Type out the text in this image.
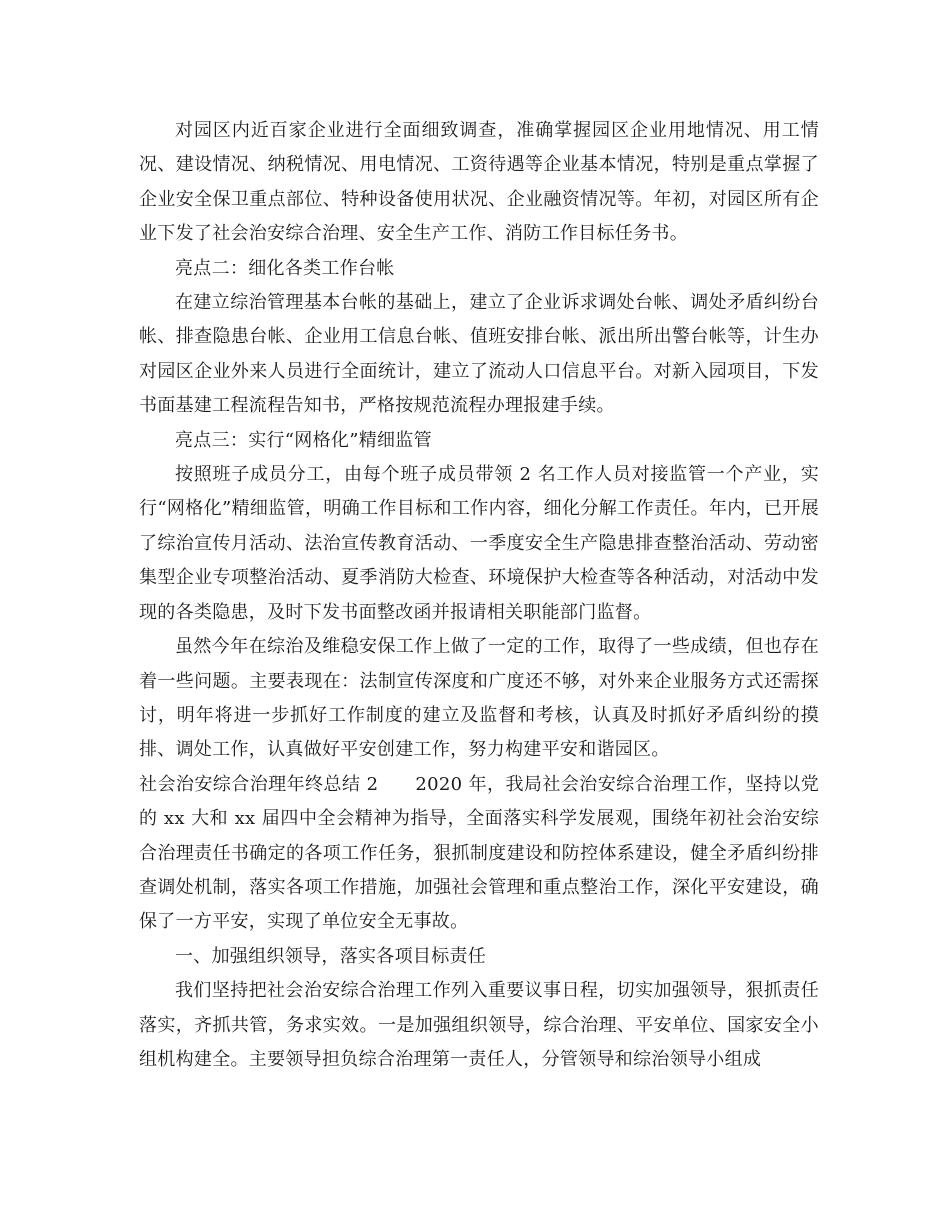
对园区内近百家企业进行全面细致调查，准确掌握园区企业用地情况、用工情况、建设情况、纳税情况、用电情况、工资待遇等企业基本情况，特别是重点掌握了企业安全保卫重点部位、特种设备使用状况、企业融资情况等。年初，对园区所有企业下发了社会治安综合治理、安全生产工作、消防工作目标任务书。

亮点二：细化各类工作台帐

在建立综治管理基本台帐的基础上，建立了企业诉求调处台帐、调处矛盾纠纷台帐、排查隐患台帐、企业用工信息台帐、值班安排台帐、派出所出警台帐等，计生办对园区企业外来人员进行全面统计，建立了流动人口信息平台。对新入园项目，下发书面基建工程流程告知书，严格按规范流程办理报建手续。

亮点三：实行“网格化”精细监管

按照班子成员分工，由每个班子成员带领 2 名工作人员对接监管一个产业，实行“网格化”精细监管，明确工作目标和工作内容，细化分解工作责任。年内，已开展了综治宣传月活动、法治宣传教育活动、一季度安全生产隐患排查整治活动、劳动密集型企业专项整治活动、夏季消防大检查、环境保护大检查等各种活动，对活动中发现的各类隐患，及时下发书面整改函并报请相关职能部门监督。

虽然今年在综治及维稳安保工作上做了一定的工作，取得了一些成绩，但也存在着一些问题。主要表现在：法制宣传深度和广度还不够，对外来企业服务方式还需探讨，明年将进一步抓好工作制度的建立及监督和考核，认真及时抓好矛盾纠纷的摸排、调处工作，认真做好平安创建工作，努力构建平安和谐园区。

社会治安综合治理年终总结 2　　2020 年，我局社会治安综合治理工作，坚持以党的 xx 大和 xx 届四中全会精神为指导，全面落实科学发展观，围绕年初社会治安综合治理责任书确定的各项工作任务，狠抓制度建设和防控体系建设，健全矛盾纠纷排查调处机制，落实各项工作措施，加强社会管理和重点整治工作，深化平安建设，确保了一方平安，实现了单位安全无事故。

一、加强组织领导，落实各项目标责任

我们坚持把社会治安综合治理工作列入重要议事日程，切实加强领导，狠抓责任落实，齐抓共管，务求实效。一是加强组织领导，综合治理、平安单位、国家安全小组机构建全。主要领导担负综合治理第一责任人，分管领导和综治领导小组成
